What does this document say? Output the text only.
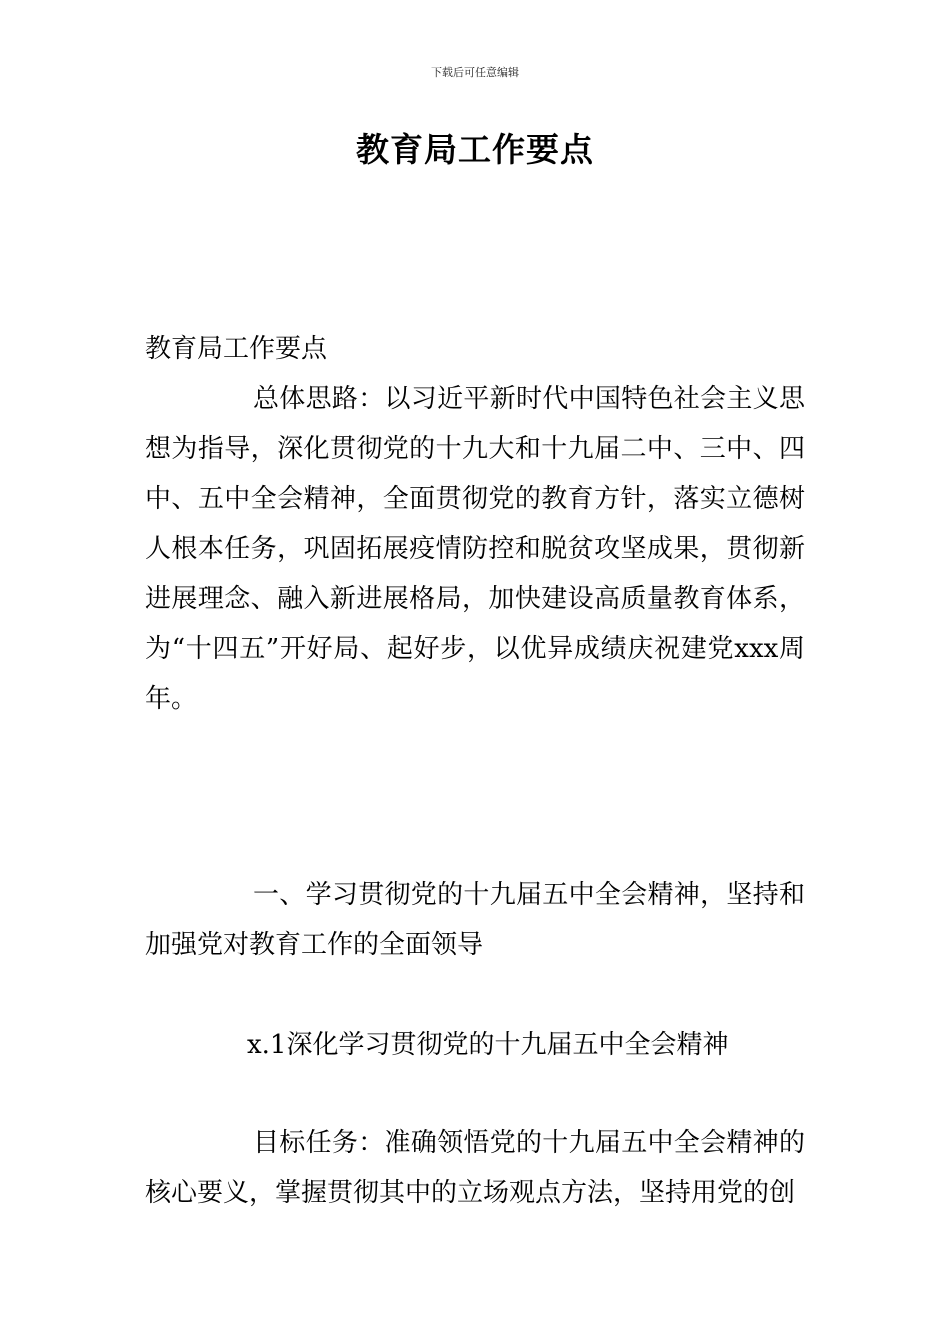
下载后可任意编辑
教育局工作要点

教育局工作要点

总体思路：以习近平新时代中国特色社会主义思想为指导，深化贯彻党的十九大和十九届二中、三中、四中、五中全会精神，全面贯彻党的教育方针，落实立德树人根本任务，巩固拓展疫情防控和脱贫攻坚成果，贯彻新进展理念、融入新进展格局，加快建设高质量教育体系，为“十四五”开好局、起好步，以优异成绩庆祝建党xxx周年。

一、学习贯彻党的十九届五中全会精神，坚持和加强党对教育工作的全面领导

x.1深化学习贯彻党的十九届五中全会精神

目标任务：准确领悟党的十九届五中全会精神的核心要义，掌握贯彻其中的立场观点方法，坚持用党的创
